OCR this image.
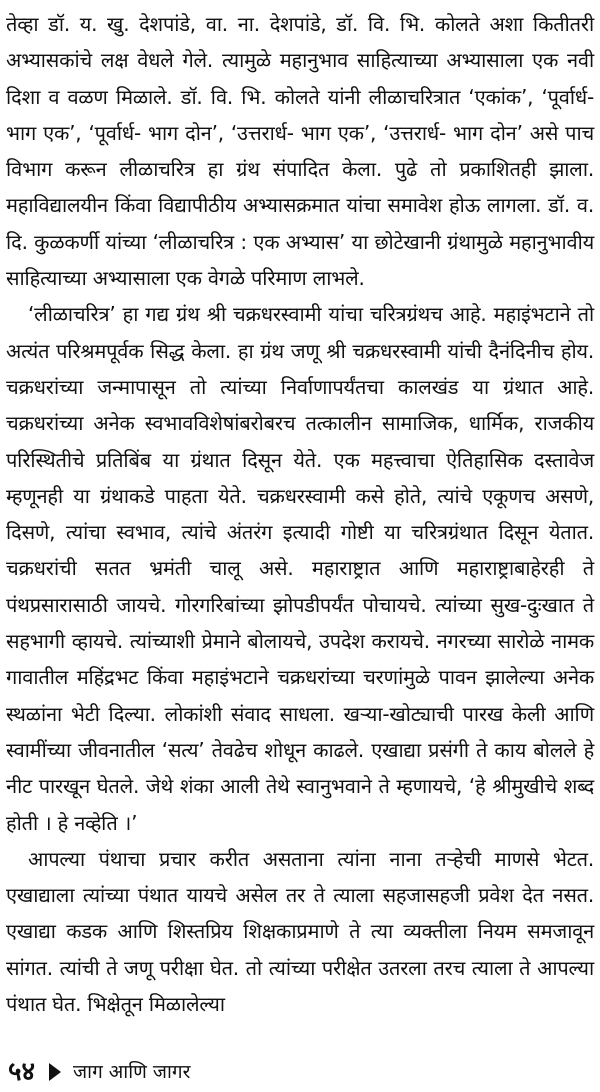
तेव्हा डॉ. य. खु. देशपांडे, वा. ना. देशपांडे, डॉ. वि. भि. कोलते अशा कितीतरी अभ्यासकांचे लक्ष वेधले गेले. त्यामुळे महानुभाव साहित्याच्या अभ्यासाला एक नवी दिशा व वळण मिळाले. डॉ. वि. भि. कोलते यांनी लीळाचरित्रात ‘एकांक’, ‘पूर्वार्ध- भाग एक’, ‘पूर्वार्ध- भाग दोन’, ‘उत्तरार्ध- भाग एक’, ‘उत्तरार्ध- भाग दोन’ असे पाच विभाग करून लीळाचरित्र हा ग्रंथ संपादित केला. पुढे तो प्रकाशितही झाला. महाविद्यालयीन किंवा विद्यापीठीय अभ्यासक्रमात यांचा समावेश होऊ लागला. डॉ. व. दि. कुळकर्णी यांच्या ‘लीळाचरित्र : एक अभ्यास’ या छोटेखानी ग्रंथामुळे महानुभावीय साहित्याच्या अभ्यासाला एक वेगळे परिमाण लाभले.

‘लीळाचरित्र’ हा गद्य ग्रंथ श्री चक्रधरस्वामी यांचा चरित्रग्रंथच आहे. महाइंभटाने तो अत्यंत परिश्रमपूर्वक सिद्ध केला. हा ग्रंथ जणू श्री चक्रधरस्वामी यांची दैनंदिनीच होय. चक्रधरांच्या जन्मापासून तो त्यांच्या निर्वाणापर्यंतचा कालखंड या ग्रंथात आहे. चक्रधरांच्या अनेक स्वभावविशेषांबरोबरच तत्कालीन सामाजिक, धार्मिक, राजकीय परिस्थितीचे प्रतिबिंब या ग्रंथात दिसून येते. एक महत्त्वाचा ऐतिहासिक दस्तावेज म्हणूनही या ग्रंथाकडे पाहता येते. चक्रधरस्वामी कसे होते, त्यांचे एकूणच असणे, दिसणे, त्यांचा स्वभाव, त्यांचे अंतरंग इत्यादी गोष्टी या चरित्रग्रंथात दिसून येतात. चक्रधरांची सतत भ्रमंती चालू असे. महाराष्ट्रात आणि महाराष्ट्राबाहेरही ते पंथप्रसारासाठी जायचे. गोरगरिबांच्या झोपडीपर्यंत पोचायचे. त्यांच्या सुख-दुःखात ते सहभागी व्हायचे. त्यांच्याशी प्रेमाने बोलायचे, उपदेश करायचे. नगरच्या सारोळे नामक गावातील महिंद्रभट किंवा महाइंभटाने चक्रधरांच्या चरणांमुळे पावन झालेल्या अनेक स्थळांना भेटी दिल्या. लोकांशी संवाद साधला. खऱ्या-खोट्याची पारख केली आणि स्वामींच्या जीवनातील ‘सत्य’ तेवढेच शोधून काढले. एखाद्या प्रसंगी ते काय बोलले हे नीट पारखून घेतले. जेथे शंका आली तेथे स्वानुभवाने ते म्हणायचे, ‘हे श्रीमुखीचे शब्द होती । हे नव्हेति ।’

आपल्या पंथाचा प्रचार करीत असताना त्यांना नाना तऱ्हेची माणसे भेटत. एखाद्याला त्यांच्या पंथात यायचे असेल तर ते त्याला सहजासहजी प्रवेश देत नसत. एखाद्या कडक आणि शिस्तप्रिय शिक्षकाप्रमाणे ते त्या व्यक्तीला नियम समजावून सांगत. त्यांची ते जणू परीक्षा घेत. तो त्यांच्या परीक्षेत उतरला तरच त्याला ते आपल्या पंथात घेत. भिक्षेतून मिळालेल्या

५४ जाग आणि जागर
